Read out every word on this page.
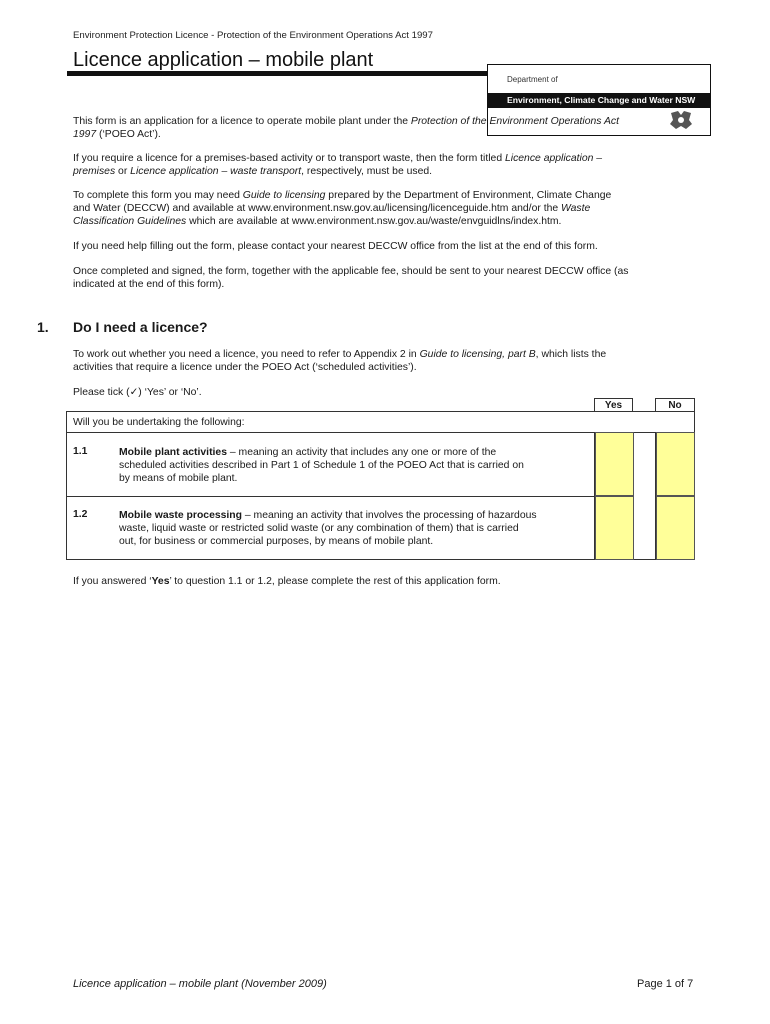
Environment Protection Licence - Protection of the Environment Operations Act 1997
Licence application – mobile plant
Department of
Environment, Climate Change and Water NSW
This form is an application for a licence to operate mobile plant under the Protection of the Environment Operations Act
1997 (‘POEO Act’).
If you require a licence for a premises-based activity or to transport waste, then the form titled Licence application –
premises or Licence application – waste transport, respectively, must be used.
To complete this form you may need Guide to licensing prepared by the Department of Environment, Climate Change
and Water (DECCW) and available at www.environment.nsw.gov.au/licensing/licenceguide.htm and/or the Waste
Classification Guidelines which are available at www.environment.nsw.gov.au/waste/envguidlns/index.htm.
If you need help filling out the form, please contact your nearest DECCW office from the list at the end of this form.
Once completed and signed, the form, together with the applicable fee, should be sent to your nearest DECCW office (as
indicated at the end of this form).
1. Do I need a licence?
To work out whether you need a licence, you need to refer to Appendix 2 in Guide to licensing, part B, which lists the
activities that require a licence under the POEO Act (‘scheduled activities’).
Please tick (✓) ‘Yes’ or ‘No’.
Yes	No
Will you be undertaking the following:
1.1	Mobile plant activities – meaning an activity that includes any one or more of the
scheduled activities described in Part 1 of Schedule 1 of the POEO Act that is carried on
by means of mobile plant.
1.2	Mobile waste processing – meaning an activity that involves the processing of hazardous
waste, liquid waste or restricted solid waste (or any combination of them) that is carried
out, for business or commercial purposes, by means of mobile plant.
If you answered ‘Yes’ to question 1.1 or 1.2, please complete the rest of this application form.
Licence application – mobile plant (November 2009)	Page 1 of 7
